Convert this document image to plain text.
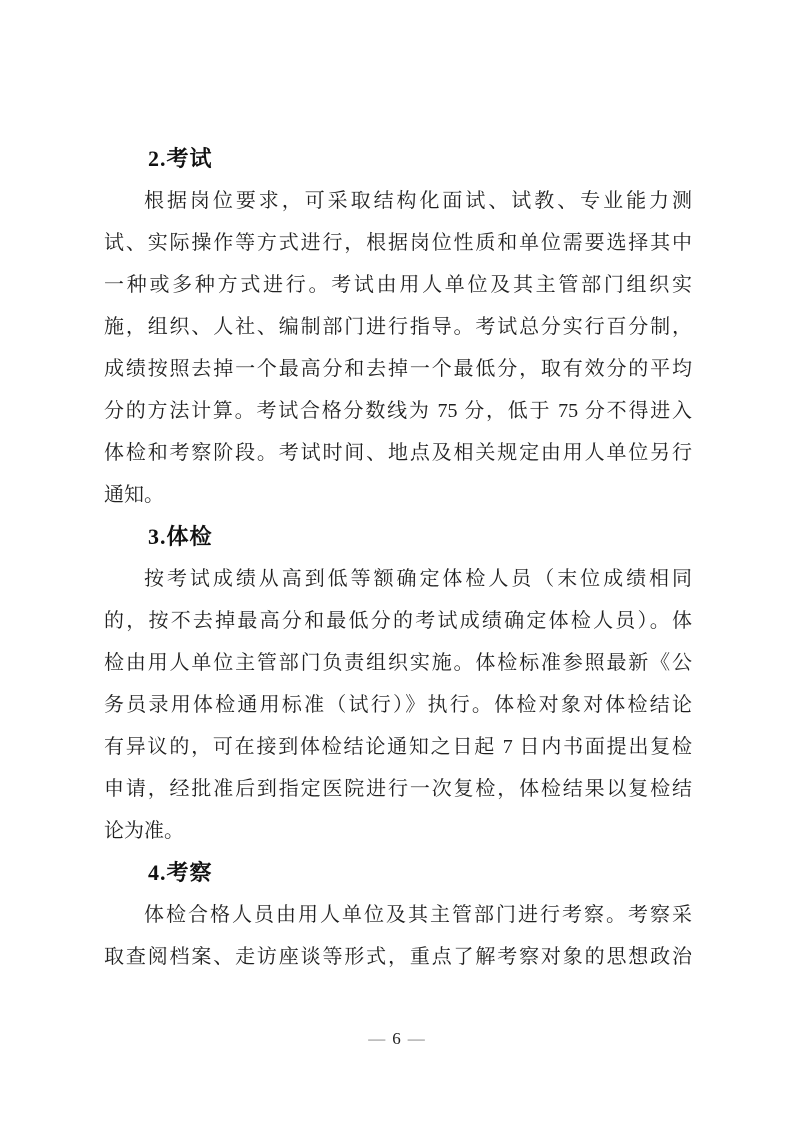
2.考试
根据岗位要求，可采取结构化面试、试教、专业能力测
试、实际操作等方式进行，根据岗位性质和单位需要选择其中
一种或多种方式进行。考试由用人单位及其主管部门组织实
施，组织、人社、编制部门进行指导。考试总分实行百分制，
成绩按照去掉一个最高分和去掉一个最低分，取有效分的平均
分的方法计算。考试合格分数线为 75 分，低于 75 分不得进入
体检和考察阶段。考试时间、地点及相关规定由用人单位另行
通知。
3.体检
按考试成绩从高到低等额确定体检人员（末位成绩相同
的，按不去掉最高分和最低分的考试成绩确定体检人员）。体
检由用人单位主管部门负责组织实施。体检标准参照最新《公
务员录用体检通用标准（试行）》执行。体检对象对体检结论
有异议的，可在接到体检结论通知之日起 7 日内书面提出复检
申请，经批准后到指定医院进行一次复检，体检结果以复检结
论为准。
4.考察
体检合格人员由用人单位及其主管部门进行考察。考察采
取查阅档案、走访座谈等形式，重点了解考察对象的思想政治
— 6 —
